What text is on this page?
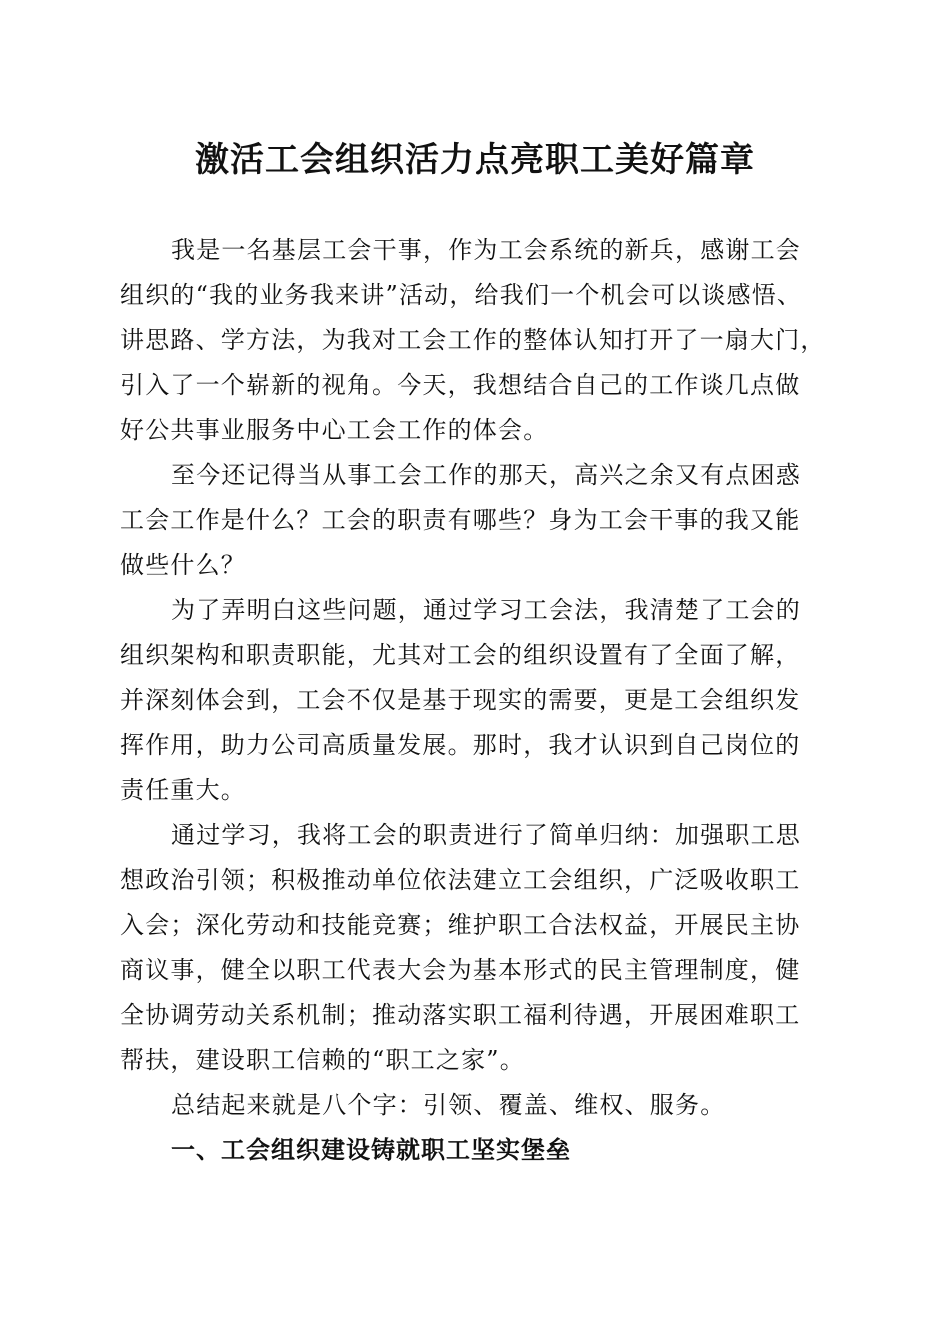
激活工会组织活力点亮职工美好篇章

我是一名基层工会干事，作为工会系统的新兵，感谢工会
组织的“我的业务我来讲”活动，给我们一个机会可以谈感悟、
讲思路、学方法，为我对工会工作的整体认知打开了一扇大门，
引入了一个崭新的视角。今天，我想结合自己的工作谈几点做
好公共事业服务中心工会工作的体会。

至今还记得当从事工会工作的那天，高兴之余又有点困惑
工会工作是什么？工会的职责有哪些？身为工会干事的我又能
做些什么？

为了弄明白这些问题，通过学习工会法，我清楚了工会的
组织架构和职责职能，尤其对工会的组织设置有了全面了解，
并深刻体会到，工会不仅是基于现实的需要，更是工会组织发
挥作用，助力公司高质量发展。那时，我才认识到自己岗位的
责任重大。

通过学习，我将工会的职责进行了简单归纳：加强职工思
想政治引领；积极推动单位依法建立工会组织，广泛吸收职工
入会；深化劳动和技能竞赛；维护职工合法权益，开展民主协
商议事，健全以职工代表大会为基本形式的民主管理制度，健
全协调劳动关系机制；推动落实职工福利待遇，开展困难职工
帮扶，建设职工信赖的“职工之家”。

总结起来就是八个字：引领、覆盖、维权、服务。

一、工会组织建设铸就职工坚实堡垒
